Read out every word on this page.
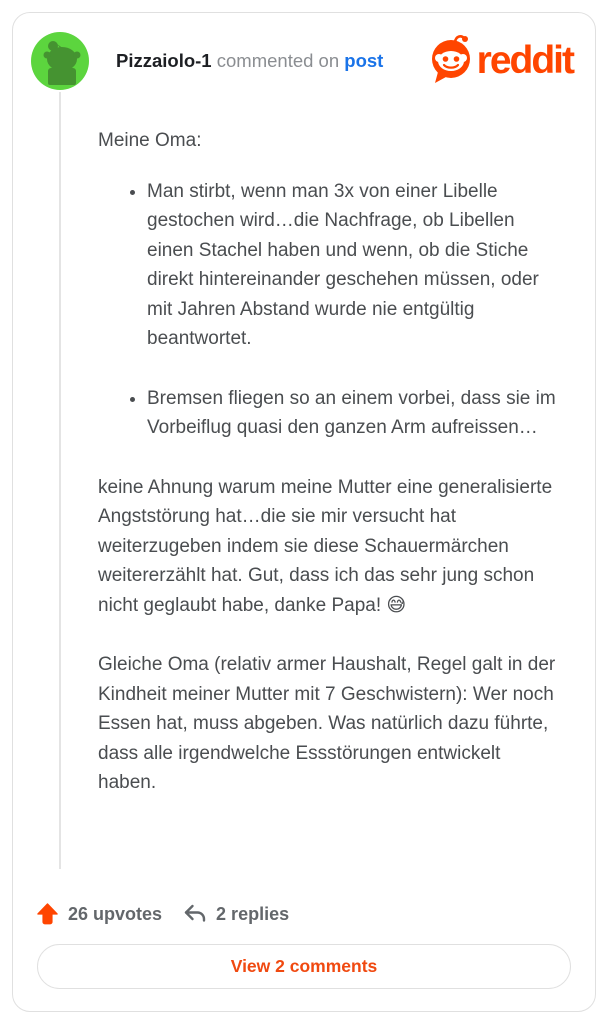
Pizzaiolo-1 commented on post reddit

Meine Oma:

• Man stirbt, wenn man 3x von einer Libelle gestochen wird…die Nachfrage, ob Libellen einen Stachel haben und wenn, ob die Stiche direkt hintereinander geschehen müssen, oder mit Jahren Abstand wurde nie entgültig beantwortet.
• Bremsen fliegen so an einem vorbei, dass sie im Vorbeiflug quasi den ganzen Arm aufreissen…

keine Ahnung warum meine Mutter eine generalisierte Angststörung hat…die sie mir versucht hat weiterzugeben indem sie diese Schauermärchen weitererzählt hat. Gut, dass ich das sehr jung schon nicht geglaubt habe, danke Papa! 😅

Gleiche Oma (relativ armer Haushalt, Regel galt in der Kindheit meiner Mutter mit 7 Geschwistern): Wer noch Essen hat, muss abgeben. Was natürlich dazu führte, dass alle irgendwelche Essstörungen entwickelt haben.

26 upvotes	2 replies
View 2 comments
